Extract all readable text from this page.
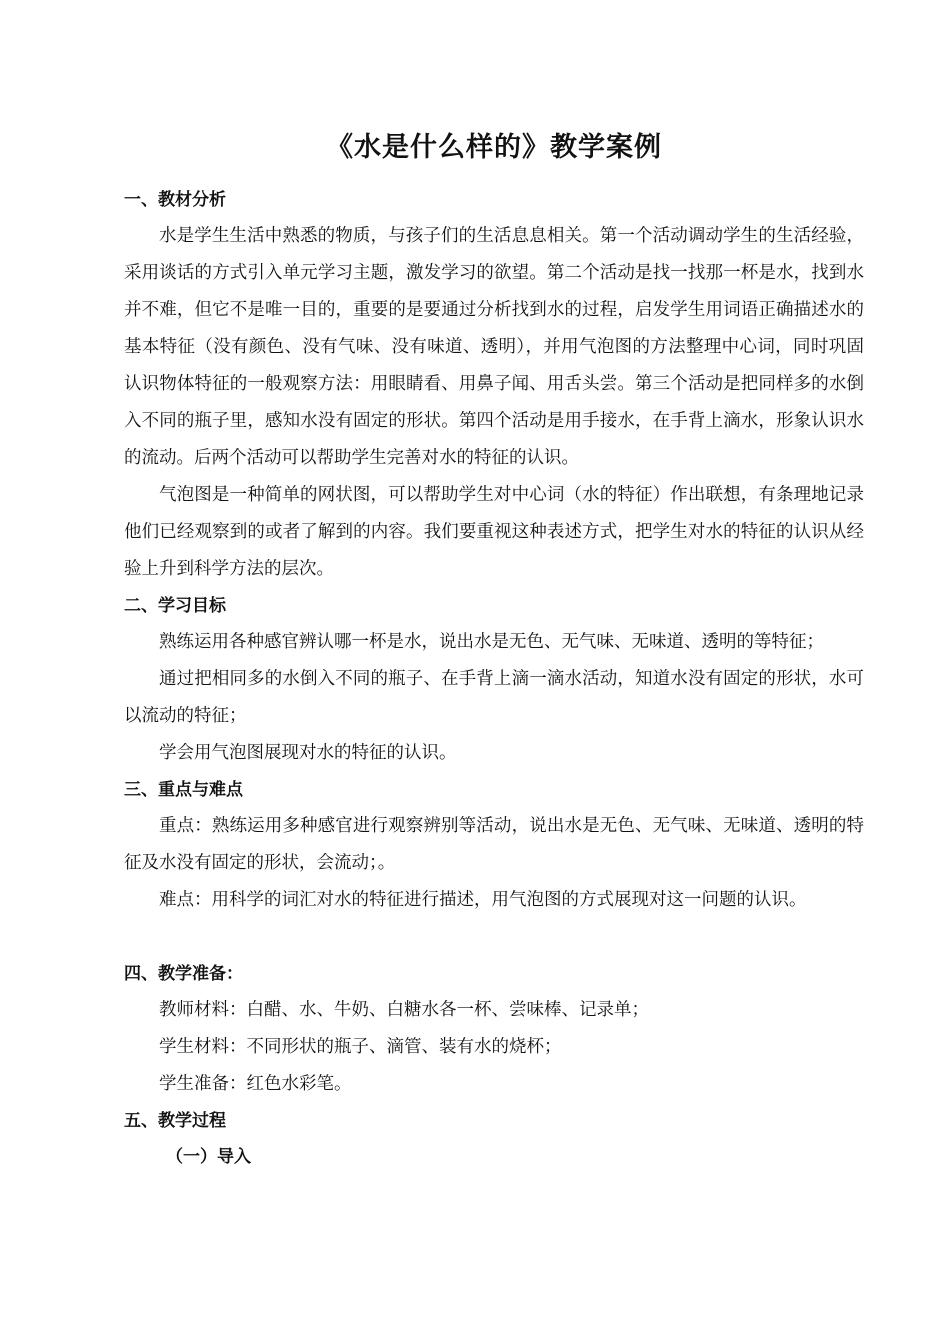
《水是什么样的》教学案例

一、教材分析

水是学生生活中熟悉的物质，与孩子们的生活息息相关。第一个活动调动学生的生活经验，采用谈话的方式引入单元学习主题，激发学习的欲望。第二个活动是找一找那一杯是水，找到水并不难，但它不是唯一目的，重要的是要通过分析找到水的过程，启发学生用词语正确描述水的基本特征（没有颜色、没有气味、没有味道、透明），并用气泡图的方法整理中心词，同时巩固认识物体特征的一般观察方法：用眼睛看、用鼻子闻、用舌头尝。第三个活动是把同样多的水倒入不同的瓶子里，感知水没有固定的形状。第四个活动是用手接水，在手背上滴水，形象认识水的流动。后两个活动可以帮助学生完善对水的特征的认识。

气泡图是一种简单的网状图，可以帮助学生对中心词（水的特征）作出联想，有条理地记录他们已经观察到的或者了解到的内容。我们要重视这种表述方式，把学生对水的特征的认识从经验上升到科学方法的层次。

二、学习目标

熟练运用各种感官辨认哪一杯是水，说出水是无色、无气味、无味道、透明的等特征；

通过把相同多的水倒入不同的瓶子、在手背上滴一滴水活动，知道水没有固定的形状，水可以流动的特征；

学会用气泡图展现对水的特征的认识。

三、重点与难点

重点：熟练运用多种感官进行观察辨别等活动，说出水是无色、无气味、无味道、透明的特征及水没有固定的形状，会流动；。

难点：用科学的词汇对水的特征进行描述，用气泡图的方式展现对这一问题的认识。

四、教学准备：

教师材料：白醋、水、牛奶、白糖水各一杯、尝味棒、记录单；

学生材料：不同形状的瓶子、滴管、装有水的烧杯；

学生准备：红色水彩笔。

五、教学过程

（一）导入
